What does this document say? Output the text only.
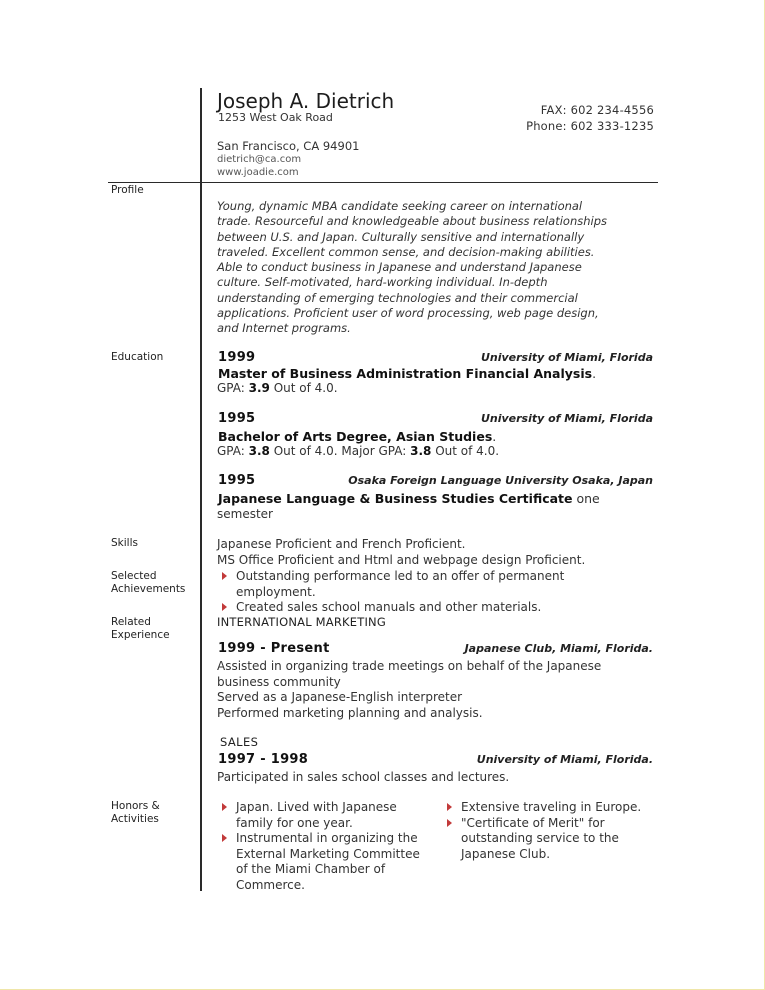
Joseph A. Dietrich
1253 West Oak Road
FAX: 602 234-4556
Phone: 602 333-1235
San Francisco, CA 94901
dietrich@ca.com
www.joadie.com
Profile
Education
Skills
Selected
Achievements
Related
Experience
Honors &
Activities
Young, dynamic MBA candidate seeking career on international
trade. Resourceful and knowledgeable about business relationships
between U.S. and Japan. Culturally sensitive and internationally
traveled. Excellent common sense, and decision-making abilities.
Able to conduct business in Japanese and understand Japanese
culture. Self-motivated, hard-working individual. In-depth
understanding of emerging technologies and their commercial
applications. Proficient user of word processing, web page design,
and Internet programs.
1999	University of Miami, Florida
Master of Business Administration Financial Analysis.
GPA: 3.9 Out of 4.0.
1995	University of Miami, Florida
Bachelor of Arts Degree, Asian Studies.
GPA: 3.8 Out of 4.0. Major GPA: 3.8 Out of 4.0.
1995	Osaka Foreign Language University Osaka, Japan
Japanese Language & Business Studies Certificate one
semester
Japanese Proficient and French Proficient.
MS Office Proficient and Html and webpage design Proficient.
Outstanding performance led to an offer of permanent
employment.
Created sales school manuals and other materials.
INTERNATIONAL MARKETING
1999 - Present	Japanese Club, Miami, Florida.
Assisted in organizing trade meetings on behalf of the Japanese
business community
Served as a Japanese-English interpreter
Performed marketing planning and analysis.
SALES
1997 - 1998	University of Miami, Florida.
Participated in sales school classes and lectures.
Japan. Lived with Japanese
family for one year.
Instrumental in organizing the
External Marketing Committee
of the Miami Chamber of
Commerce.
Extensive traveling in Europe.
"Certificate of Merit" for
outstanding service to the
Japanese Club.
